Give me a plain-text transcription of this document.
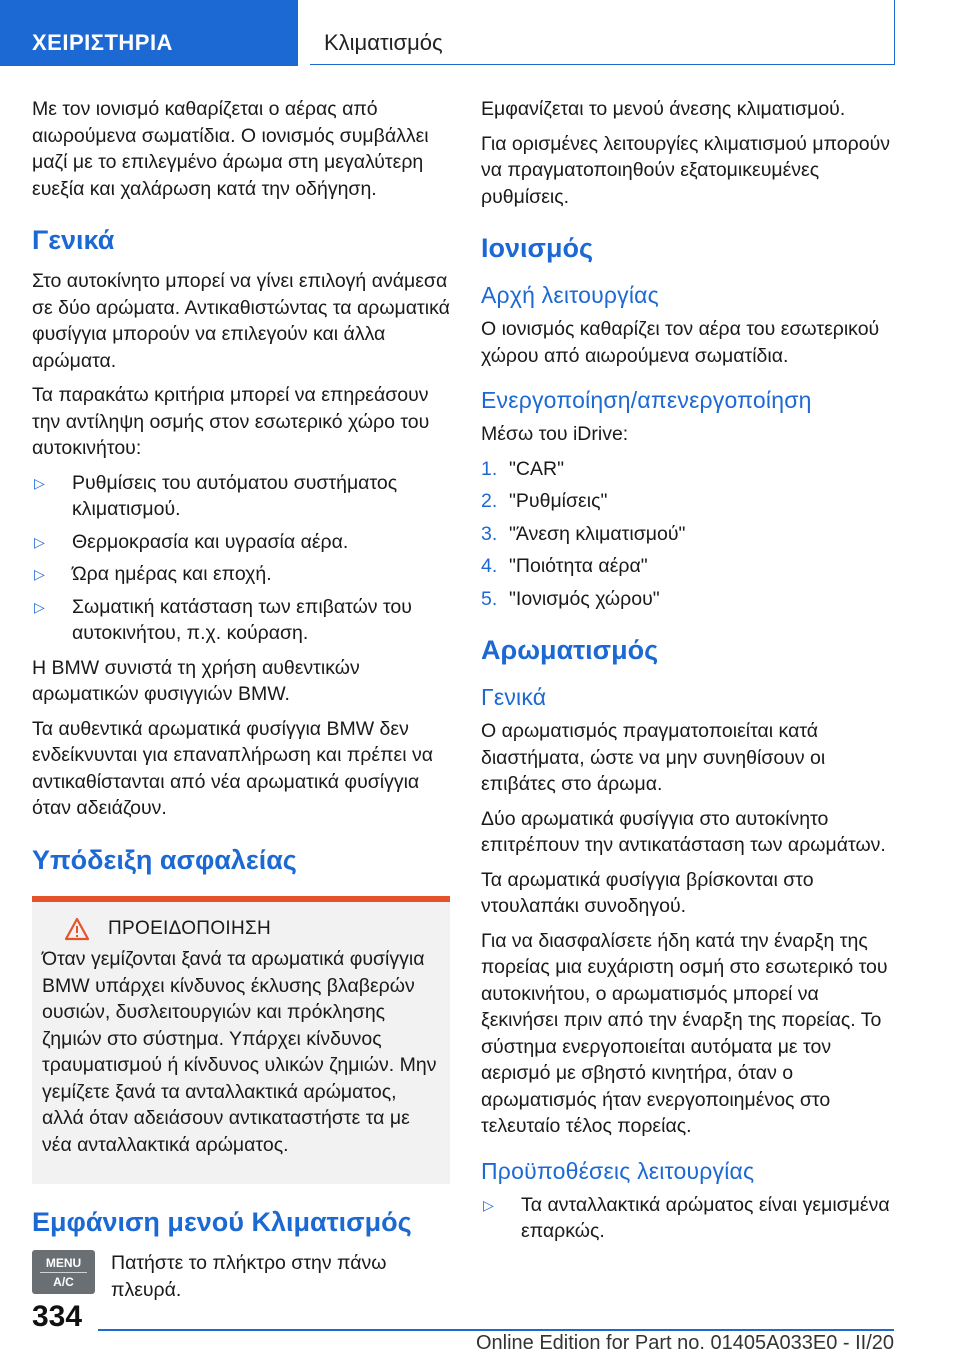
ΧΕΙΡΙΣΤΗΡΙΑ	Κλιματισμός

Με τον ιονισμό καθαρίζεται ο αέρας από αιωρούμενα σωματίδια. Ο ιονισμός συμβάλλει μαζί με το επιλεγμένο άρωμα στη μεγαλύτερη ευεξία και χαλάρωση κατά την οδήγηση.

Γενικά

Στο αυτοκίνητο μπορεί να γίνει επιλογή ανάμεσα σε δύο αρώματα. Αντικαθιστώντας τα αρωματικά φυσίγγια μπορούν να επιλεγούν και άλλα αρώματα.

Τα παρακάτω κριτήρια μπορεί να επηρεάσουν την αντίληψη οσμής στον εσωτερικό χώρο του αυτοκινήτου:

▷ Ρυθμίσεις του αυτόματου συστήματος κλιματισμού.
▷ Θερμοκρασία και υγρασία αέρα.
▷ Ώρα ημέρας και εποχή.
▷ Σωματική κατάσταση των επιβατών του αυτοκινήτου, π.χ. κούραση.

Η BMW συνιστά τη χρήση αυθεντικών αρωματικών φυσιγγιών BMW.

Τα αυθεντικά αρωματικά φυσίγγια BMW δεν ενδείκνυνται για επαναπλήρωση και πρέπει να αντικαθίστανται από νέα αρωματικά φυσίγγια όταν αδειάζουν.

Υπόδειξη ασφαλείας
ΠΡΟΕΙΔΟΠΟΙΗΣΗ

Όταν γεμίζονται ξανά τα αρωματικά φυσίγγια BMW υπάρχει κίνδυνος έκλυσης βλαβερών ουσιών, δυσλειτουργιών και πρόκλησης ζημιών στο σύστημα. Υπάρχει κίνδυνος τραυματισμού ή κίνδυνος υλικών ζημιών. Μην γεμίζετε ξανά τα ανταλλακτικά αρώματος, αλλά όταν αδειάσουν αντικαταστήστε τα με νέα ανταλλακτικά αρώματος.

Εμφάνιση μενού Κλιματισμός
MENU
A/C
Πατήστε το πλήκτρο στην πάνω πλευρά.

Εμφανίζεται το μενού άνεσης κλιματισμού.

Για ορισμένες λειτουργίες κλιματισμού μπορούν να πραγματοποιηθούν εξατομικευμένες ρυθμίσεις.

Ιονισμός
Αρχή λειτουργίας

Ο ιονισμός καθαρίζει τον αέρα του εσωτερικού χώρου από αιωρούμενα σωματίδια.

Ενεργοποίηση/απενεργοποίηση

Μέσω του iDrive:

1. "CAR"
2. "Ρυθμίσεις"
3. "Άνεση κλιματισμού"
4. "Ποιότητα αέρα"
5. "Ιονισμός χώρου"
Αρωματισμός
Γενικά

Ο αρωματισμός πραγματοποιείται κατά διαστήματα, ώστε να μην συνηθίσουν οι επιβάτες στο άρωμα.

Δύο αρωματικά φυσίγγια στο αυτοκίνητο επιτρέπουν την αντικατάσταση των αρωμάτων.

Τα αρωματικά φυσίγγια βρίσκονται στο ντουλαπάκι συνοδηγού.

Για να διασφαλίσετε ήδη κατά την έναρξη της πορείας μια ευχάριστη οσμή στο εσωτερικό του αυτοκινήτου, ο αρωματισμός μπορεί να ξεκινήσει πριν από την έναρξη της πορείας. Το σύστημα ενεργοποιείται αυτόματα με τον αερισμό με σβηστό κινητήρα, όταν ο αρωματισμός ήταν ενεργοποιημένος στο τελευταίο τέλος πορείας.

Προϋποθέσεις λειτουργίας
▷ Τα ανταλλακτικά αρώματος είναι γεμισμένα επαρκώς.
334
Online Edition for Part no. 01405A033E0 - II/20
